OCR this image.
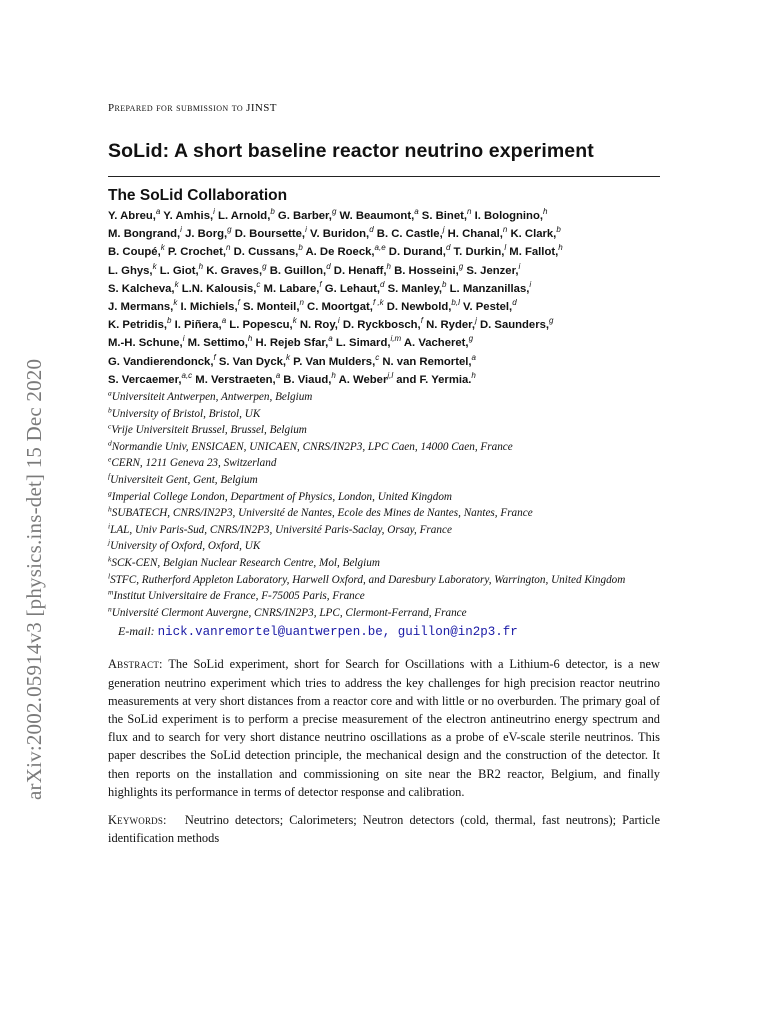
arXiv:2002.05914v3 [physics.ins-det] 15 Dec 2020

Prepared for submission to JINST

SoLid: A short baseline reactor neutrino experiment
The SoLid Collaboration
Y. Abreu,$^a$ Y. Amhis,$^i$ L. Arnold,$^b$ G. Barber,$^g$ W. Beaumont,$^a$ S. Binet,$^n$ I. Bolognino,$^h$
M. Bongrand,$^i$ J. Borg,$^g$ D. Boursette,$^i$ V. Buridon,$^d$ B. C. Castle,$^j$ H. Chanal,$^n$ K. Clark,$^b$
B. Coupé,$^k$ P. Crochet,$^n$ D. Cussans,$^b$ A. De Roeck,$^{a,e}$ D. Durand,$^d$ T. Durkin,$^l$ M. Fallot,$^h$
L. Ghys,$^k$ L. Giot,$^h$ K. Graves,$^g$ B. Guillon,$^d$ D. Henaff,$^h$ B. Hosseini,$^g$ S. Jenzer,$^i$
S. Kalcheva,$^k$ L.N. Kalousis,$^c$ M. Labare,$^f$ G. Lehaut,$^d$ S. Manley,$^b$ L. Manzanillas,$^i$
J. Mermans,$^k$ I. Michiels,$^f$ S. Monteil,$^n$ C. Moortgat,$^{f ,k}$ D. Newbold,$^{b,l}$ V. Pestel,$^d$
K. Petridis,$^b$ I. Piñera,$^a$ L. Popescu,$^k$ N. Roy,$^i$ D. Ryckbosch,$^f$ N. Ryder,$^j$ D. Saunders,$^g$
M.-H. Schune,$^i$ M. Settimo,$^h$ H. Rejeb Sfar,$^a$ L. Simard,$^{i,m}$ A. Vacheret,$^g$
G. Vandierendonck,$^f$ S. Van Dyck,$^k$ P. Van Mulders,$^c$ N. van Remortel,$^a$
S. Vercaemer,$^{a,c}$ M. Verstraeten,$^a$ B. Viaud,$^h$ A. Weber$^{j,l}$ and F. Yermia.$^h$
$^a$Universiteit Antwerpen, Antwerpen, Belgium
$^b$University of Bristol, Bristol, UK
$^c$Vrije Universiteit Brussel, Brussel, Belgium
$^d$Normandie Univ, ENSICAEN, UNICAEN, CNRS/IN2P3, LPC Caen, 14000 Caen, France
$^e$CERN, 1211 Geneva 23, Switzerland
$^f$Universiteit Gent, Gent, Belgium
$^g$Imperial College London, Department of Physics, London, United Kingdom
$^h$SUBATECH, CNRS/IN2P3, Université de Nantes, Ecole des Mines de Nantes, Nantes, France
$^i$LAL, Univ Paris-Sud, CNRS/IN2P3, Université Paris-Saclay, Orsay, France
$^j$University of Oxford, Oxford, UK
$^k$SCK-CEN, Belgian Nuclear Research Centre, Mol, Belgium
$^l$STFC, Rutherford Appleton Laboratory, Harwell Oxford, and Daresbury Laboratory, Warrington, United Kingdom
$^m$Institut Universitaire de France, F-75005 Paris, France
$^n$Université Clermont Auvergne, CNRS/IN2P3, LPC, Clermont-Ferrand, France
E-mail: nick.vanremortel@uantwerpen.be, guillon@in2p3.fr
Abstract: The SoLid experiment, short for Search for Oscillations with a Lithium-6 detector, is a new generation neutrino experiment which tries to address the key challenges for high precision reactor neutrino measurements at very short distances from a reactor core and with little or no overburden. The primary goal of the SoLid experiment is to perform a precise measurement of the electron antineutrino energy spectrum and flux and to search for very short distance neutrino oscillations as a probe of eV-scale sterile neutrinos. This paper describes the SoLid detection principle, the mechanical design and the construction of the detector. It then reports on the installation and commissioning on site near the BR2 reactor, Belgium, and finally highlights its performance in terms of detector response and calibration.
Keywords:   Neutrino detectors; Calorimeters; Neutron detectors (cold, thermal, fast neutrons); Particle identification methods
